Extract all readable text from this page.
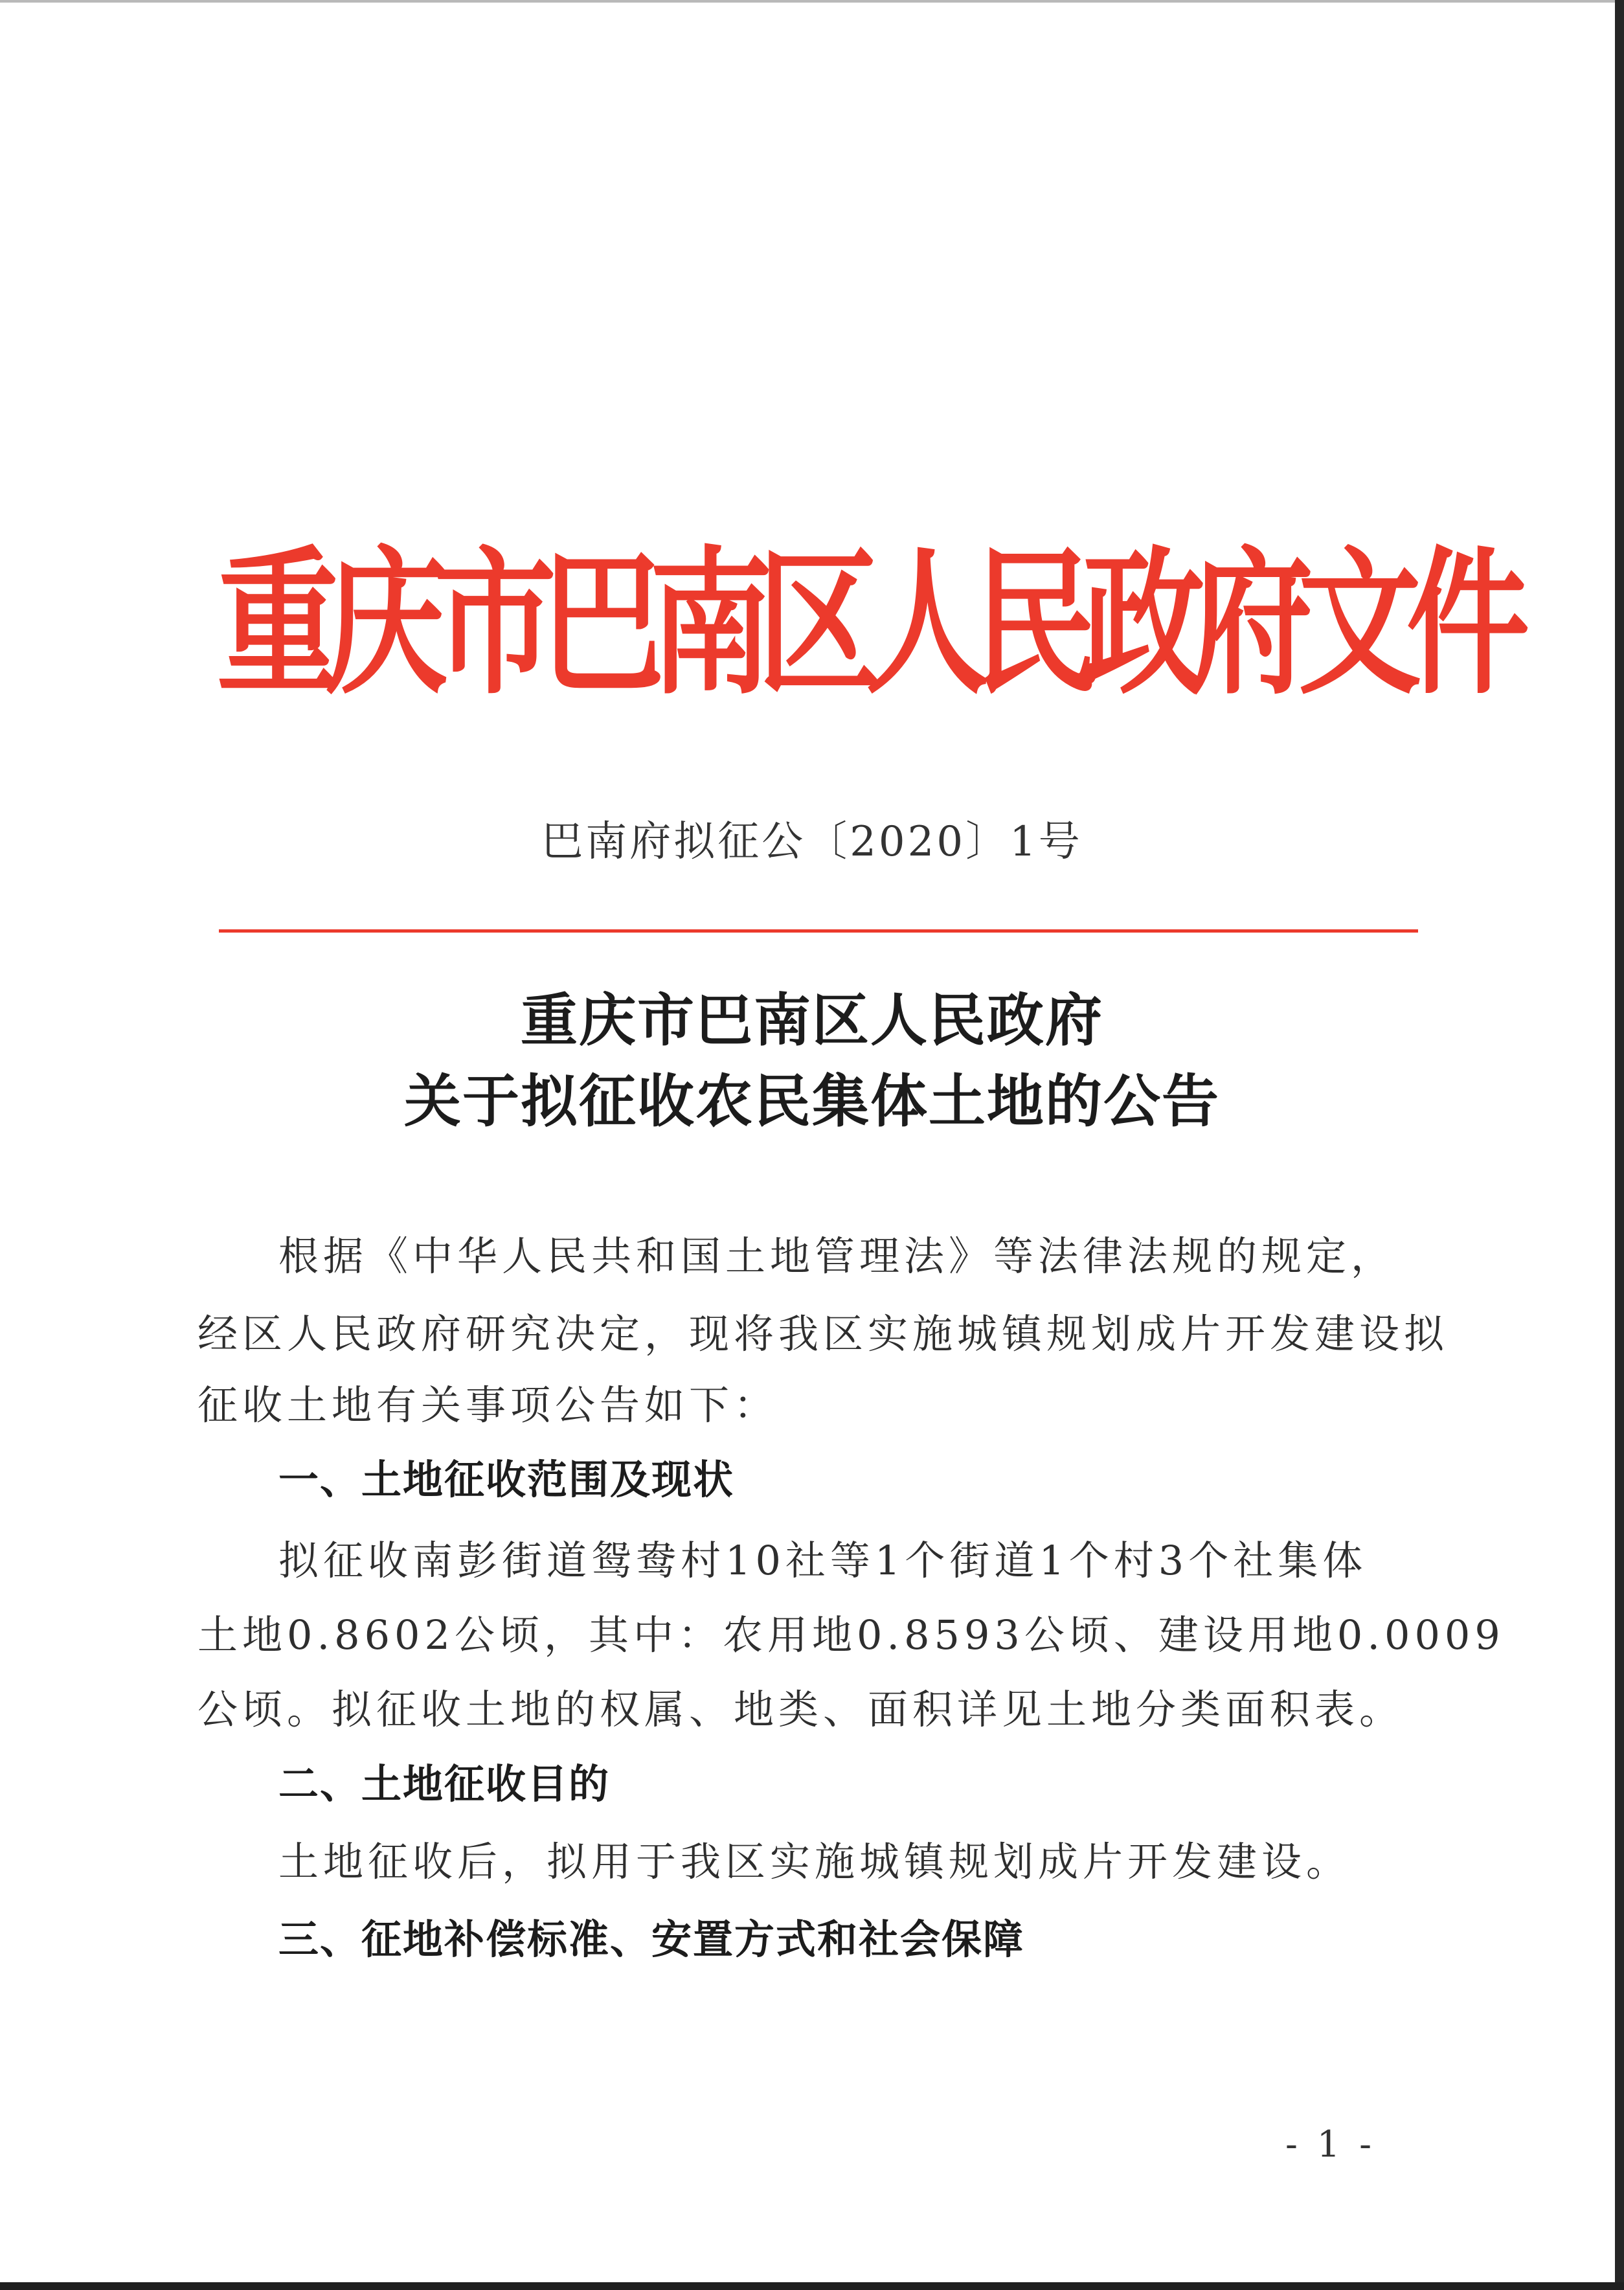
重
庆
市
巴
南
区
人
民
政
府
文
件
巴南府拟征公〔2020〕1号
重庆市巴南区人民政府
关于拟征收农民集体土地的公告
根据《中华人民共和国土地管理法》等法律法规的规定，
经区人民政府研究决定，现将我区实施城镇规划成片开发建设拟
征收土地有关事项公告如下：
一、土地征收范围及现状
拟征收南彭街道鸳鸯村10社等1个街道1个村3个社集体
土地0.8602公顷，其中：农用地0.8593公顷、建设用地0.0009
公顷。拟征收土地的权属、地类、面积详见土地分类面积表。
二、土地征收目的
土地征收后，拟用于我区实施城镇规划成片开发建设。
三、征地补偿标准、安置方式和社会保障
- 1 -
